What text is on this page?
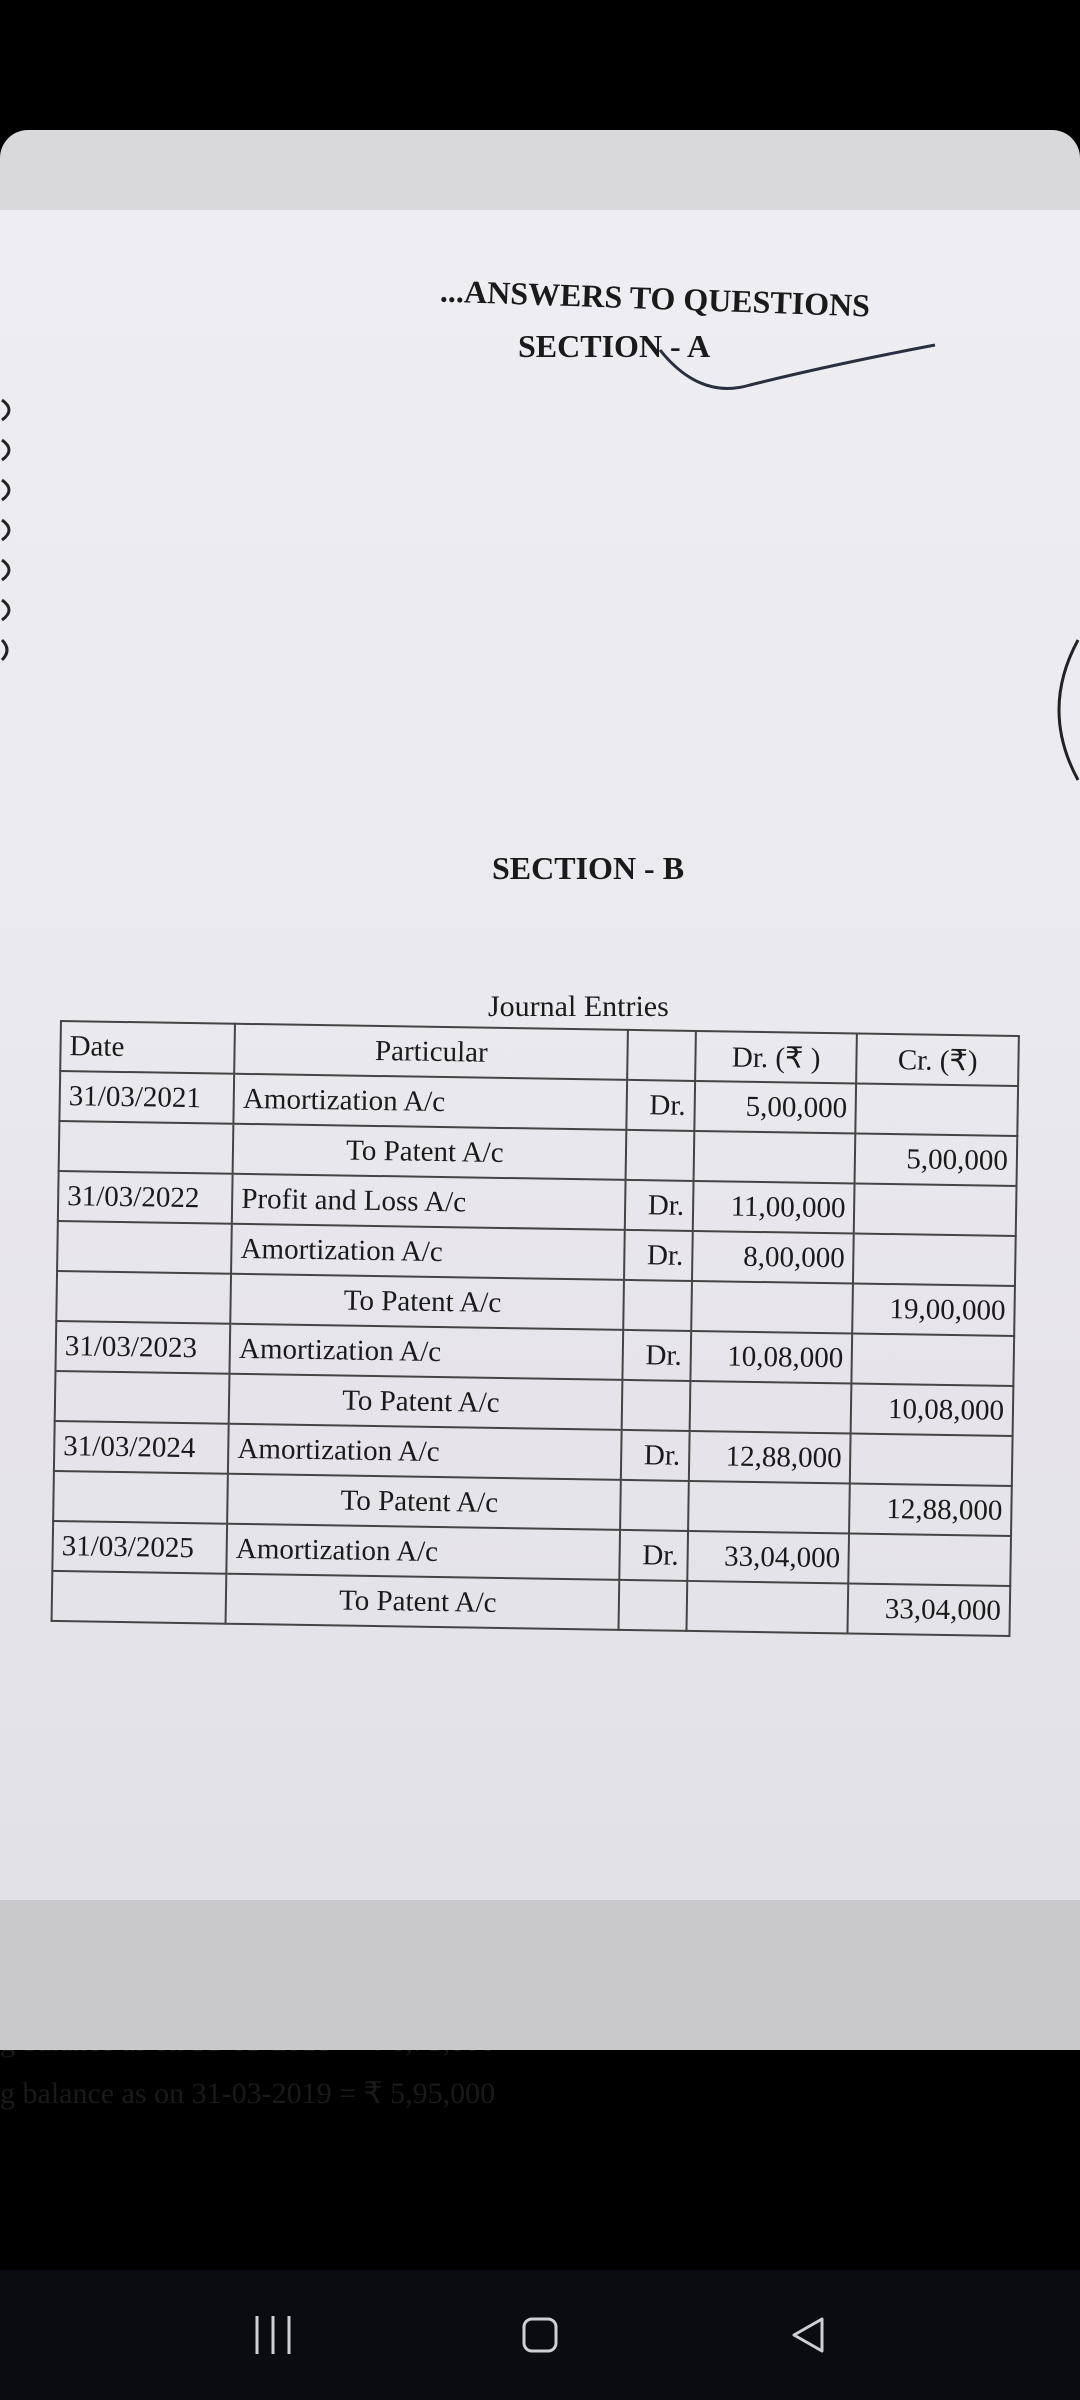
...ANSWERS TO QUESTIONS
SECTION - A
SECTION - B
Journal Entries
Date	Particular		Dr. (₹ )	Cr. (₹)
31/03/2021	Amortization A/c	Dr.	5,00,000	
	To Patent A/c			5,00,000
31/03/2022	Profit and Loss A/c	Dr.	11,00,000	
	Amortization A/c	Dr.	8,00,000	
	To Patent A/c			19,00,000
31/03/2023	Amortization A/c	Dr.	10,08,000	
	To Patent A/c			10,08,000
31/03/2024	Amortization A/c	Dr.	12,88,000	
	To Patent A/c			12,88,000
31/03/2025	Amortization A/c	Dr.	33,04,000	
	To Patent A/c			33,04,000
g balance as on 31-03-2019 = ₹ 5,95,000
